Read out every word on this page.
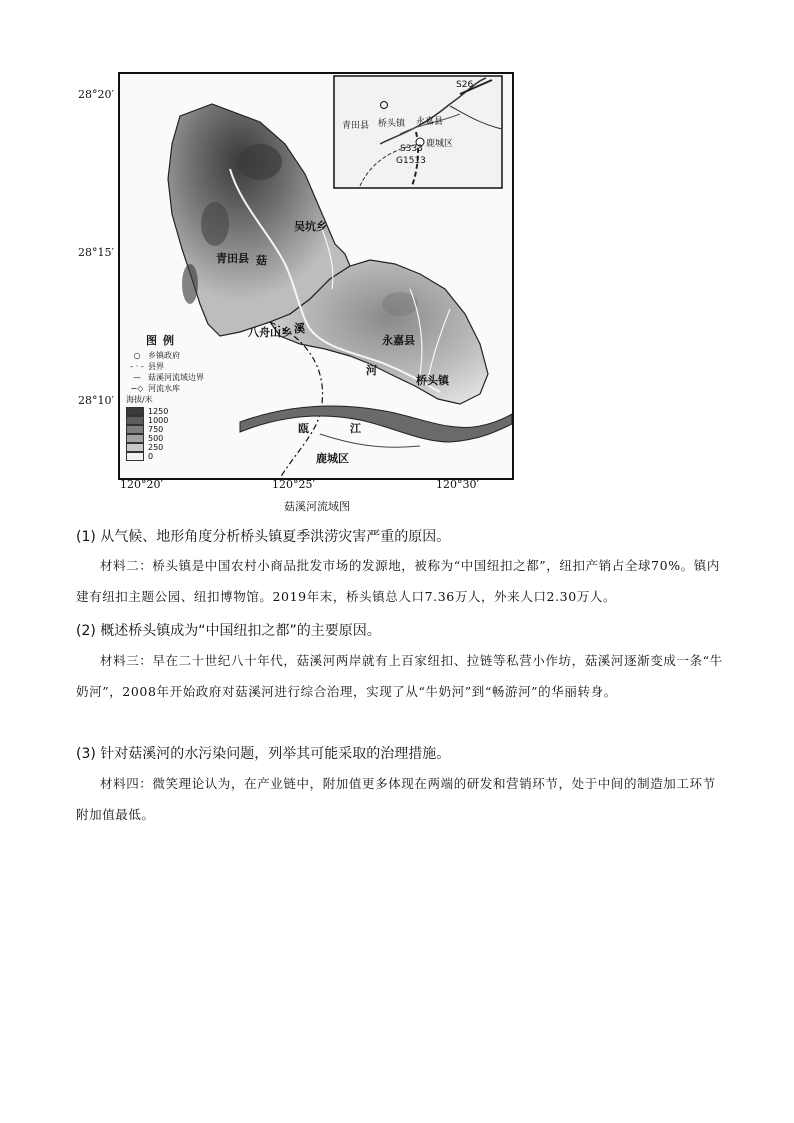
28°20′
28°15′
28°10′
S26
青田县 桥头镇 永嘉县
S333
G1513
鹿城区
青田县
吴坑乡
菇
溪
河
八舟山乡
永嘉县
桥头镇
瓯	江
鹿城区
图例
○ 乡镇政府
- · - 县界
— 菇溪河流域边界
∽◇ 河流水库
海拔/米
1250
1000
750
500
250
0
120°20′	120°25′	120°30′
菇溪河流域图
(1) 从气候、地形角度分析桥头镇夏季洪涝灾害严重的原因。
材料二：桥头镇是中国农村小商品批发市场的发源地，被称为“中国纽扣之都”，纽扣产销占全球70%。镇内建有纽扣主题公园、纽扣博物馆。2019年末，桥头镇总人口7.36万人，外来人口2.30万人。
(2) 概述桥头镇成为“中国纽扣之都”的主要原因。
材料三：早在二十世纪八十年代，菇溪河两岸就有上百家纽扣、拉链等私营小作坊，菇溪河逐渐变成一条“牛奶河”，2008年开始政府对菇溪河进行综合治理，实现了从“牛奶河”到“畅游河”的华丽转身。
(3) 针对菇溪河的水污染问题，列举其可能采取的治理措施。
材料四：微笑理论认为，在产业链中，附加值更多体现在两端的研发和营销环节，处于中间的制造加工环节附加值最低。
